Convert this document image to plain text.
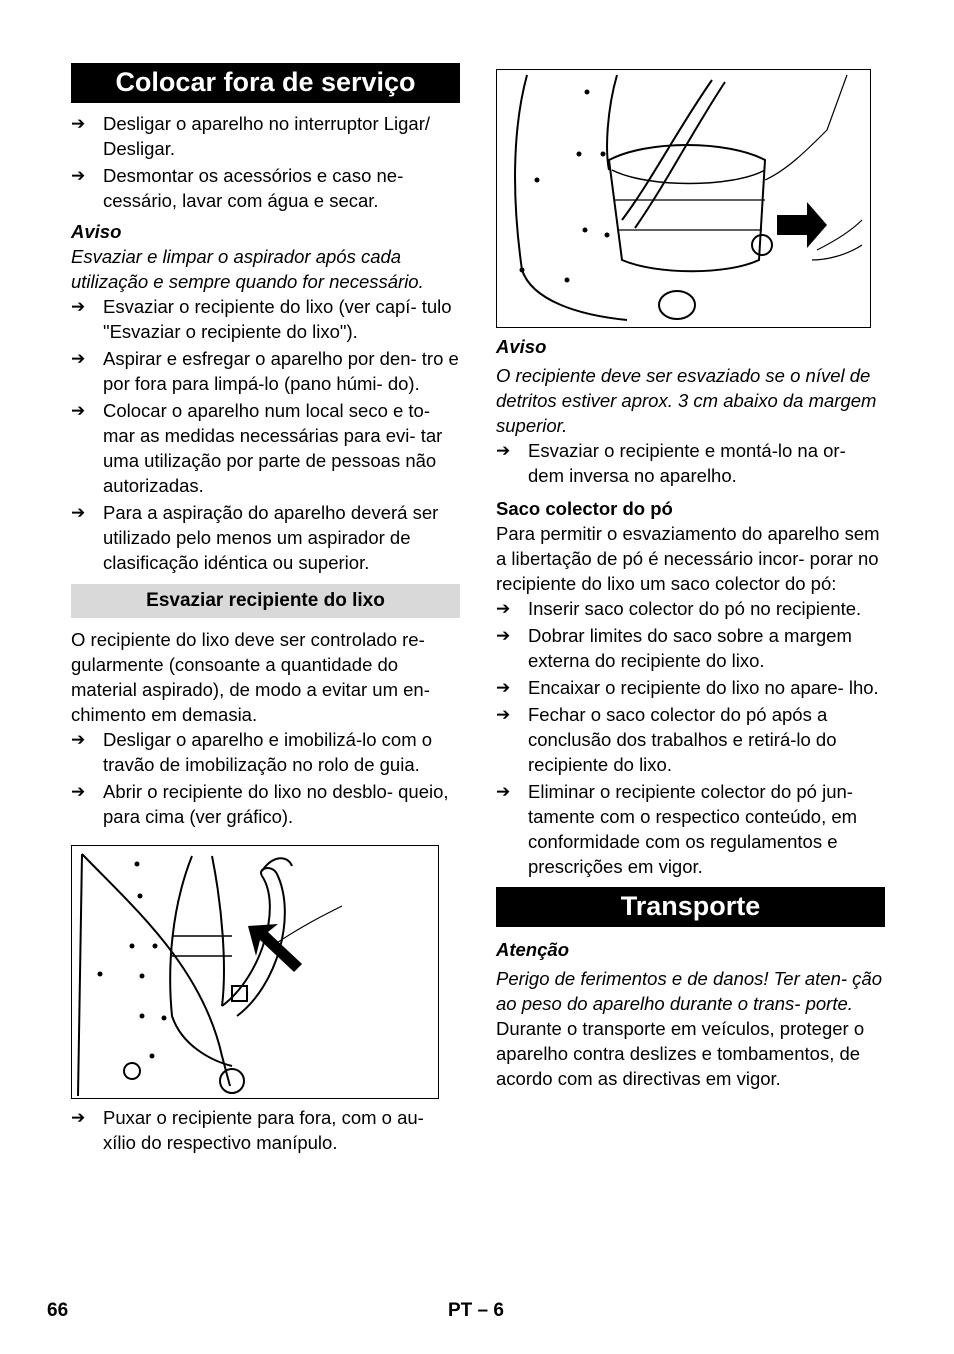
Colocar fora de serviço

➔ Desligar o aparelho no interruptor Ligar/ Desligar.

➔ Desmontar os acessórios e caso ne- cessário, lavar com água e secar.

Aviso

Esvaziar e limpar o aspirador após cada utilização e sempre quando for necessário.

➔ Esvaziar o recipiente do lixo (ver capí- tulo "Esvaziar o recipiente do lixo").

➔ Aspirar e esfregar o aparelho por den- tro e por fora para limpá-lo (pano húmi- do).

➔ Colocar o aparelho num local seco e to- mar as medidas necessárias para evi- tar uma utilização por parte de pessoas não autorizadas.

➔ Para a aspiração do aparelho deverá ser utilizado pelo menos um aspirador de clasificação idéntica ou superior.

Esvaziar recipiente do lixo

O recipiente do lixo deve ser controlado re- gularmente (consoante a quantidade do material aspirado), de modo a evitar um en- chimento em demasia.

➔ Desligar o aparelho e imobilizá-lo com o travão de imobilização no rolo de guia.

➔ Abrir o recipiente do lixo no desblo- queio, para cima (ver gráfico).

➔ Puxar o recipiente para fora, com o au- xílio do respectivo manípulo.

Aviso

O recipiente deve ser esvaziado se o nível de detritos estiver aprox. 3 cm abaixo da margem superior.

➔ Esvaziar o recipiente e montá-lo na or- dem inversa no aparelho.

Saco colector do pó

Para permitir o esvaziamento do aparelho sem a libertação de pó é necessário incor- porar no recipiente do lixo um saco colector do pó:

➔ Inserir saco colector do pó no recipiente.

➔ Dobrar limites do saco sobre a margem externa do recipiente do lixo.

➔ Encaixar o recipiente do lixo no apare- lho.

➔ Fechar o saco colector do pó após a conclusão dos trabalhos e retirá-lo do recipiente do lixo.

➔ Eliminar o recipiente colector do pó jun- tamente com o respectico conteúdo, em conformidade com os regulamentos e prescrições em vigor.

Transporte

Atenção

Perigo de ferimentos e de danos! Ter aten- ção ao peso do aparelho durante o trans- porte.

Durante o transporte em veículos, proteger o aparelho contra deslizes e tombamentos, de acordo com as directivas em vigor.

66	PT – 6
